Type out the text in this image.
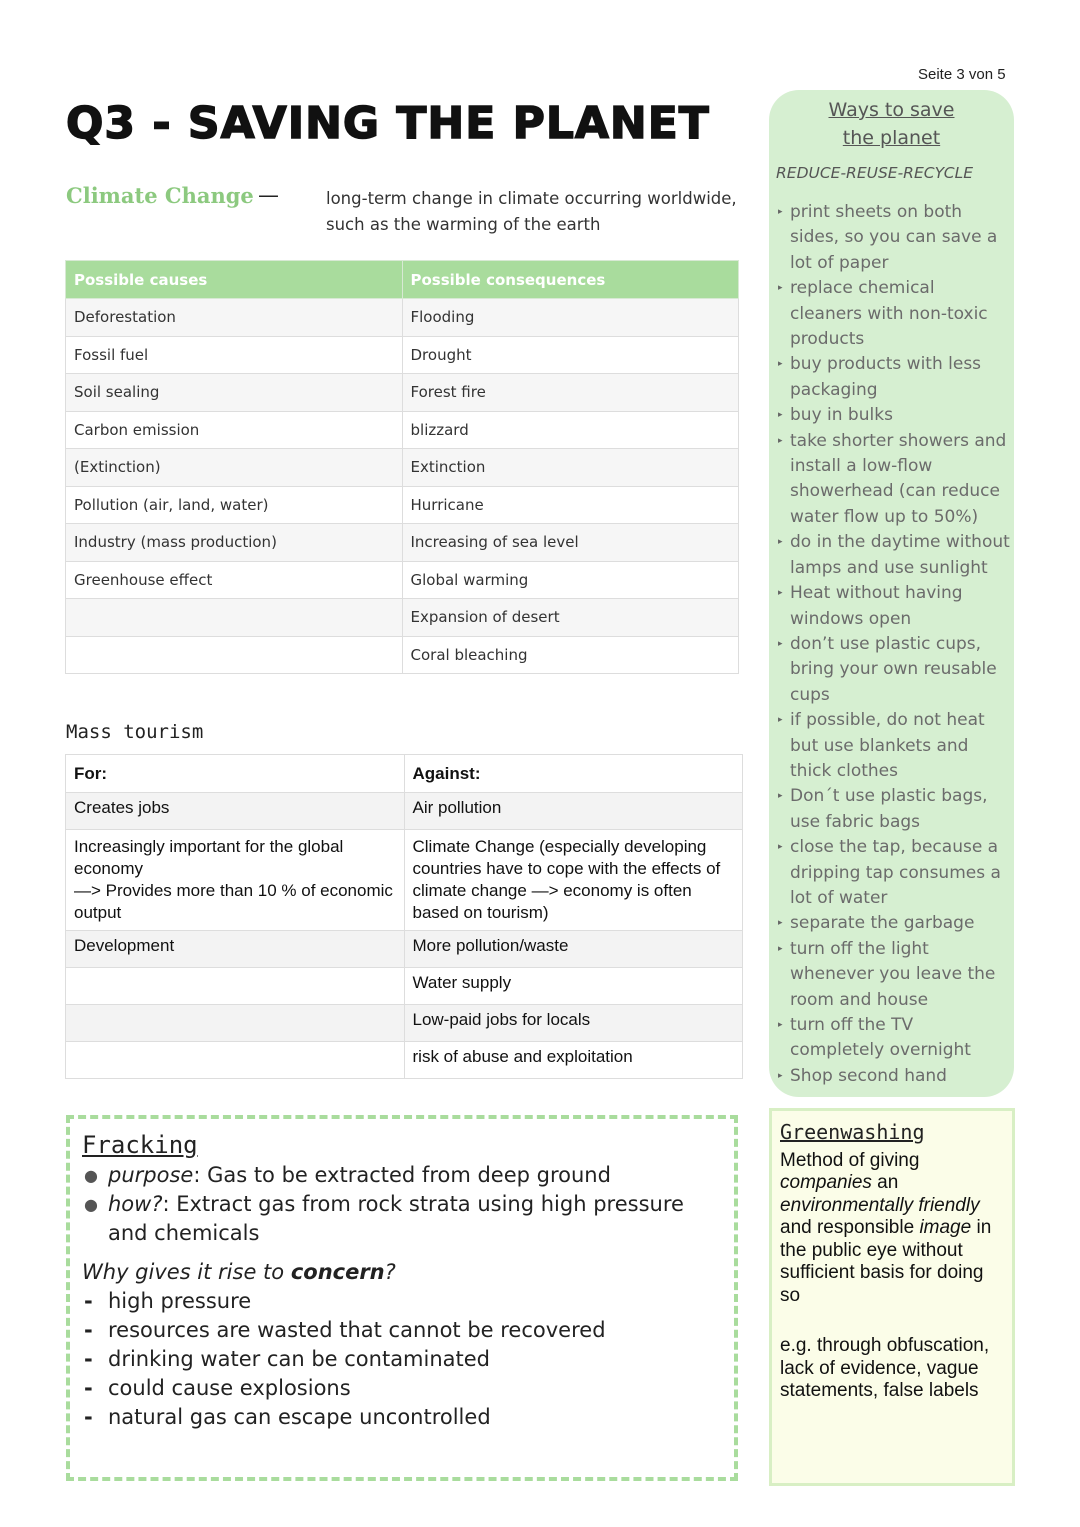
Seite 3 von 5
Q3 - SAVING THE PLANET
Climate Change —	long-term change in climate occurring worldwide, such as the warming of the earth
Possible causes	Possible consequences
Deforestation	Flooding
Fossil fuel	Drought
Soil sealing	Forest fire
Carbon emission	blizzard
(Extinction)	Extinction
Pollution (air, land, water)	Hurricane
Industry (mass production)	Increasing of sea level
Greenhouse effect	Global warming
	Expansion of desert
	Coral bleaching
Mass tourism
For:	Against:
Creates jobs	Air pollution
Increasingly important for the global economy
—> Provides more than 10 % of economic output	Climate Change (especially developing countries have to cope with the effects of climate change —> economy is often based on tourism)
Development	More pollution/waste
	Water supply
	Low-paid jobs for locals
	risk of abuse and exploitation
Fracking
● purpose: Gas to be extracted from deep ground
● how?: Extract gas from rock strata using high pressure and chemicals
Why gives it rise to concern?
- high pressure
- resources are wasted that cannot be recovered
- drinking water can be contaminated
- could cause explosions
- natural gas can escape uncontrolled
Ways to save
the planet
REDUCE-REUSE-RECYCLE
▸ print sheets on both sides, so you can save a lot of paper
▸ replace chemical cleaners with non-toxic products
▸ buy products with less packaging
▸ buy in bulks
▸ take shorter showers and install a low-flow showerhead (can reduce water flow up to 50%)
▸ do in the daytime without lamps and use sunlight
▸ Heat without having windows open
▸ don’t use plastic cups, bring your own reusable cups
▸ if possible, do not heat but use blankets and thick clothes
▸ Don´t use plastic bags, use fabric bags
▸ close the tap, because a dripping tap consumes a lot of water
▸ separate the garbage
▸ turn off the light whenever you leave the room and house
▸ turn off the TV completely overnight
▸ Shop second hand
Greenwashing
Method of giving
companies an
environmentally friendly
and responsible image in the public eye without sufficient basis for doing so
e.g. through obfuscation, lack of evidence, vague statements, false labels
